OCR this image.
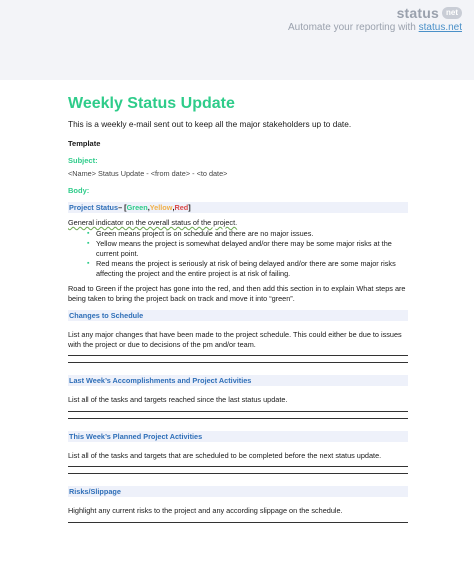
status net
Automate your reporting with status.net
Weekly Status Update
This is a weekly e-mail sent out to keep all the major stakeholders up to date.
Template
Subject:
<Name> Status Update - <from date> - <to date>
Body:
Project Status – [ Green , Yellow , Red ]
General indicator on the overall status of the project.
▪ Green means project is on schedule and there are no major issues.
▪ Yellow means the project is somewhat delayed and/or there may be some major risks at the current point.
▪ Red means the project is seriously at risk of being delayed and/or there are some major risks affecting the project and the entire project is at risk of failing.
Road to Green if the project has gone into the red, and then add this section in to explain What steps are being taken to bring the project back on track and move it into “green”.
Changes to Schedule
List any major changes that have been made to the project schedule. This could either be due to issues with the project or due to decisions of the pm and/or team.
Last Week’s Accomplishments and Project Activities
List all of the tasks and targets reached since the last status update.
This Week’s Planned Project Activities
List all of the tasks and targets that are scheduled to be completed before the next status update.
Risks/Slippage
Highlight any current risks to the project and any according slippage on the schedule.
